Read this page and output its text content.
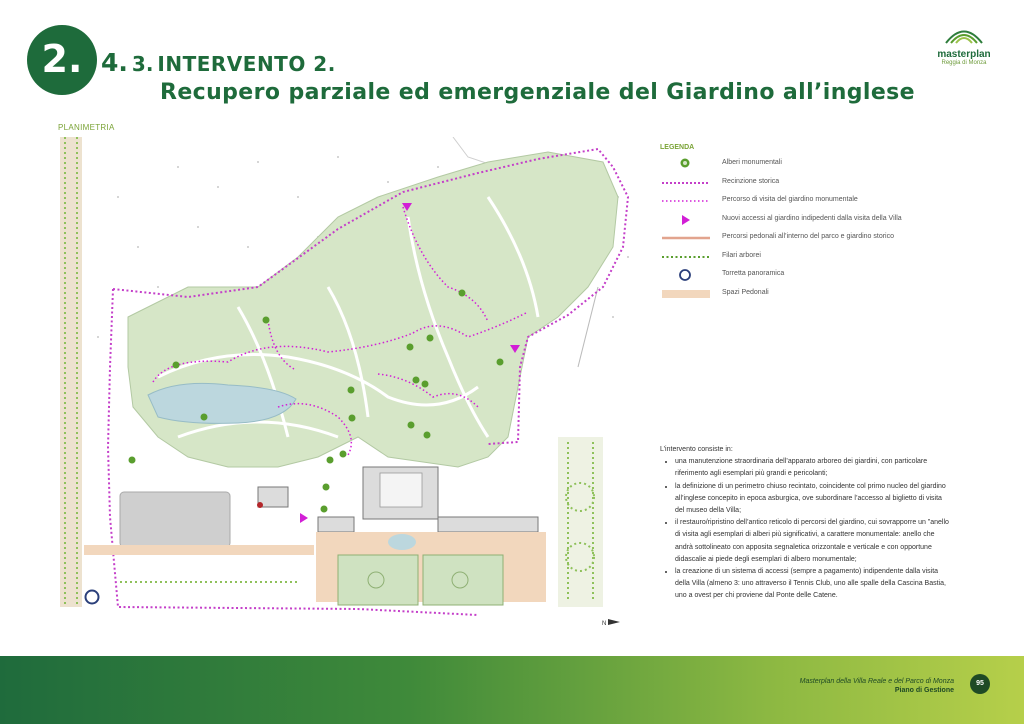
2. 4. 3. INTERVENTO 2.
Recupero parziale ed emergenziale del Giardino all’inglese
masterplan
Reggia di Monza
PLANIMETRIA
N
LEGENDA
Alberi monumentali
Recinzione storica
Percorso di visita del giardino monumentale
Nuovi accessi al giardino indipedenti dalla visita della Villa
Percorsi pedonali all’interno del parco e giardino storico
Filari arborei
Torretta panoramica
Spazi Pedonali

L’intervento consiste in:

• una manutenzione straordinaria dell’apparato arboreo dei giardini, con particolare riferimento agli esemplari più grandi e pericolanti;
• la definizione di un perimetro chiuso recintato, coincidente col primo nucleo del giardino all’inglese concepito in epoca asburgica, ove subordinare l’accesso al biglietto di visita del museo della Villa;
• il restauro/ripristino dell’antico reticolo di percorsi del giardino, cui sovrapporre un ”anello di visita agli esemplari di alberi più significativi, a carattere monumentale: anello che andrà sottolineato con apposita segnaletica orizzontale e verticale e con opportune didascalie ai piede degli esemplari di albero monumentale;
• la creazione di un sistema di accessi (sempre a pagamento) indipendente dalla visita della Villa (almeno 3: uno attraverso il Tennis Club, uno alle spalle della Cascina Bastia, uno a ovest per chi proviene dal Ponte delle Catene.
Masterplan della Villa Reale e del Parco di Monza
Piano di Gestione
95
